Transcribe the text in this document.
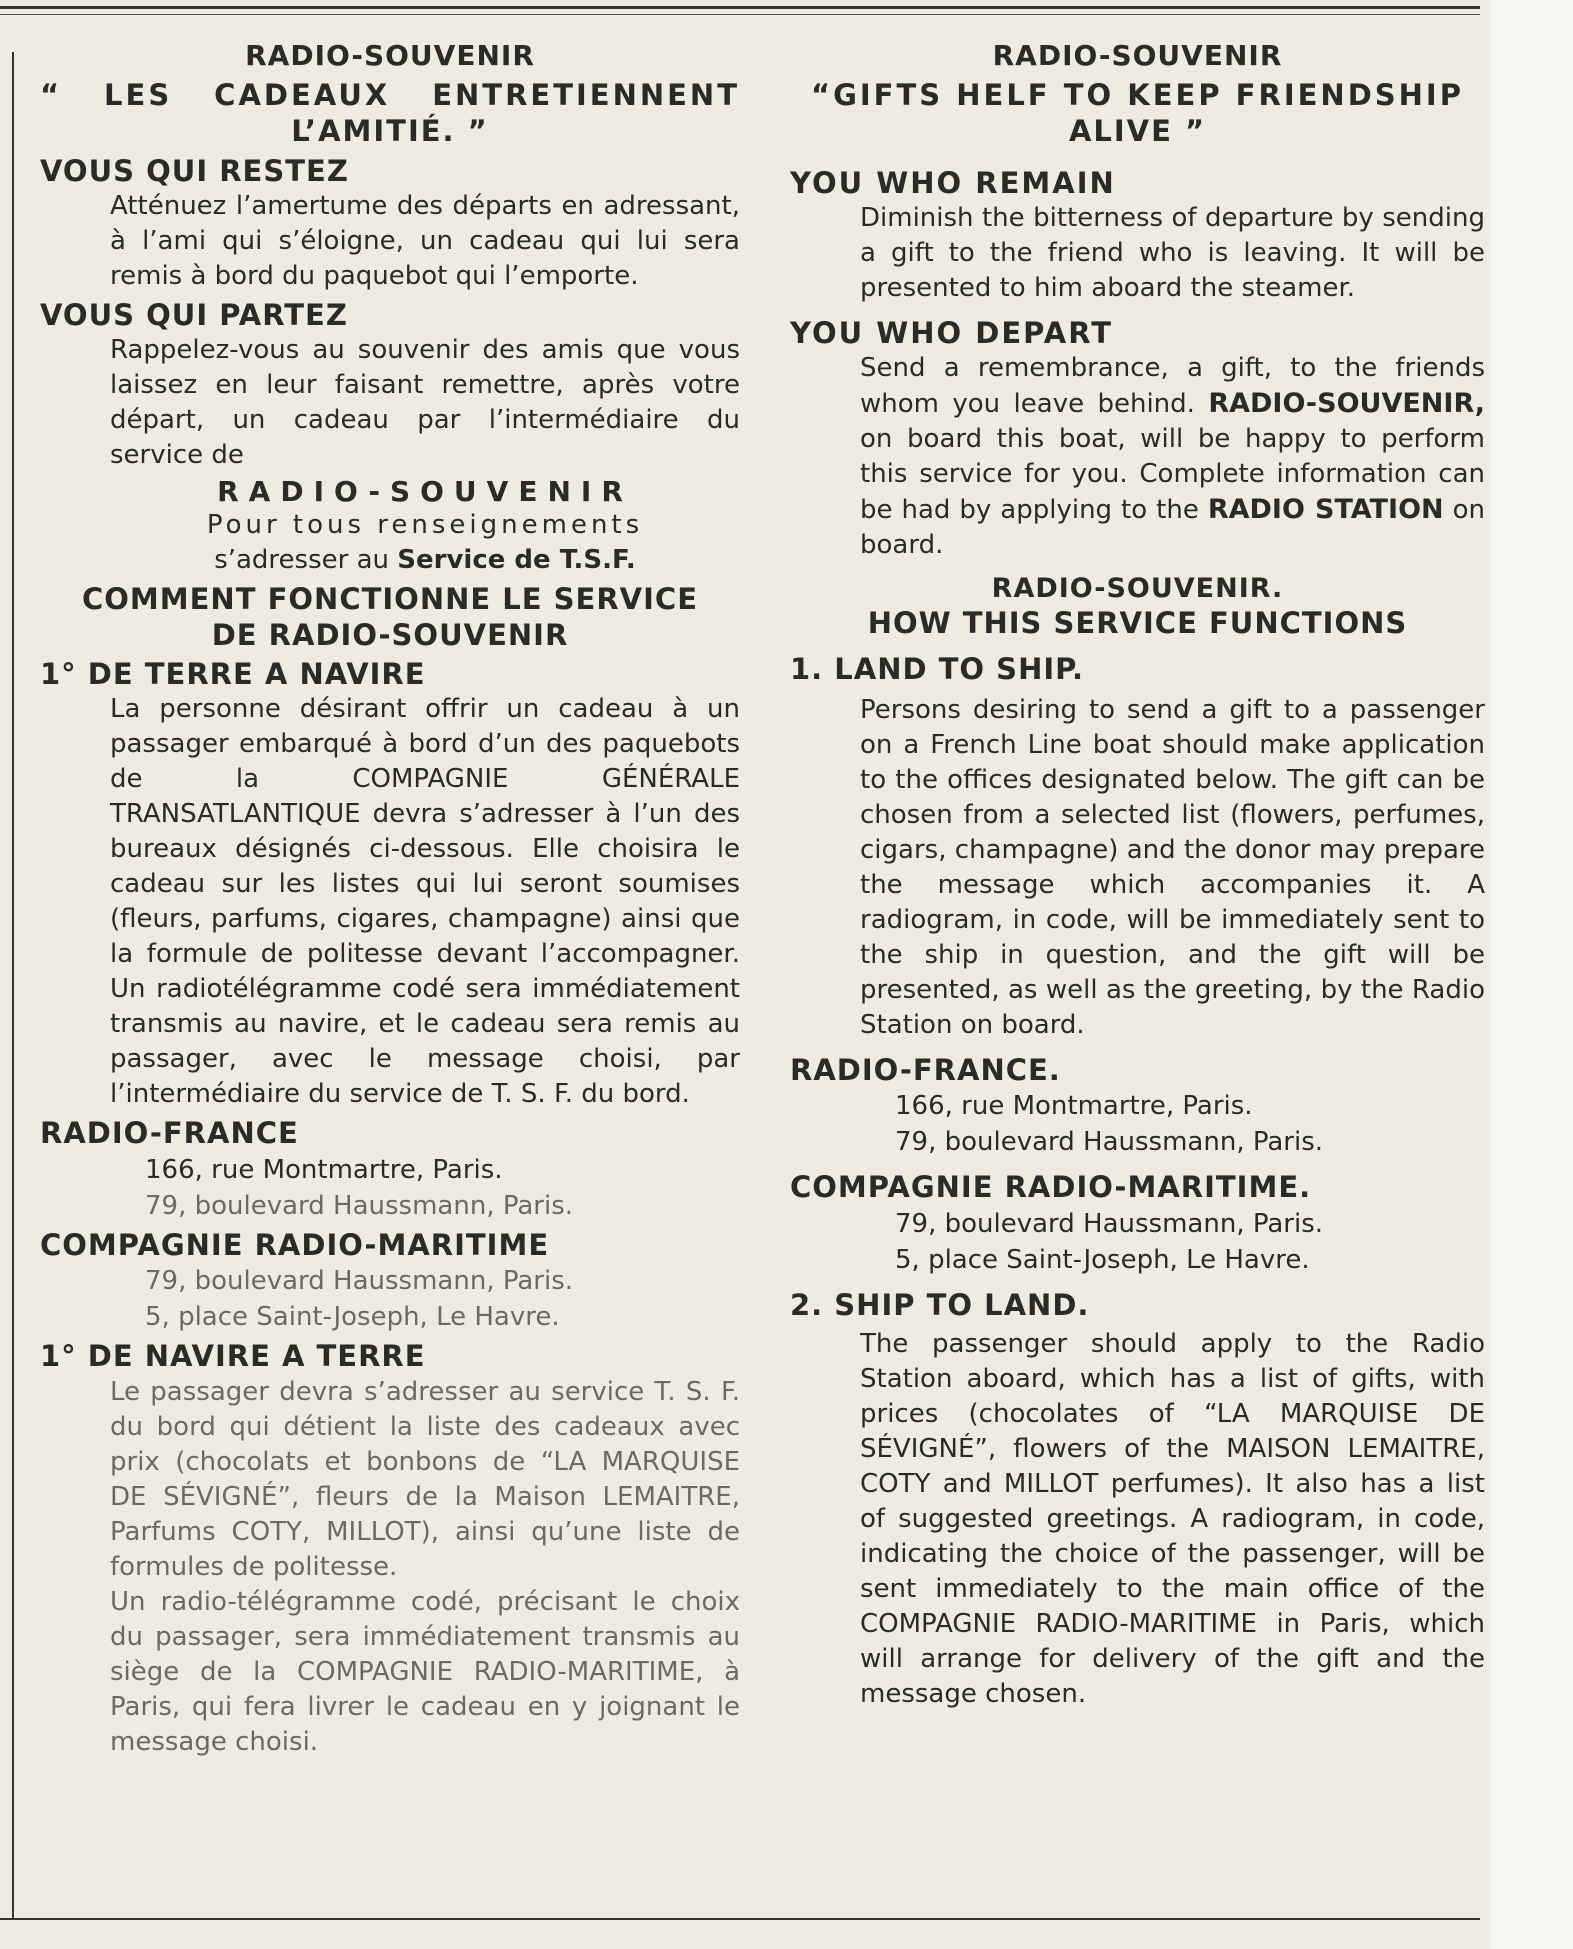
RADIO-SOUVENIR
“ LES CADEAUX ENTRETIENNENT
L’AMITIÉ. ”
VOUS QUI RESTEZ
Atténuez l’amertume des départs en adressant, à l’ami qui s’éloigne, un cadeau qui lui sera remis à bord du paquebot qui l’emporte.
VOUS QUI PARTEZ
Rappelez-vous au souvenir des amis que vous laissez en leur faisant remettre, après votre départ, un cadeau par l’intermédiaire du service de
RADIO-SOUVENIR
Pour tous renseignements
s’adresser au Service de T.S.F.
COMMENT FONCTIONNE LE SERVICE
DE RADIO-SOUVENIR
1° DE TERRE A NAVIRE
La personne désirant offrir un cadeau à un passager embarqué à bord d’un des paquebots de la COMPAGNIE GÉNÉRALE TRANSATLANTIQUE devra s’adresser à l’un des bureaux désignés ci-dessous. Elle choisira le cadeau sur les listes qui lui seront soumises (fleurs, parfums, cigares, champagne) ainsi que la formule de politesse devant l’accompagner. Un radiotélégramme codé sera immédiatement transmis au navire, et le cadeau sera remis au passager, avec le message choisi, par l’intermédiaire du service de T. S. F. du bord.
RADIO-FRANCE
166, rue Montmartre, Paris.
79, boulevard Haussmann, Paris.
COMPAGNIE RADIO-MARITIME
79, boulevard Haussmann, Paris.
5, place Saint-Joseph, Le Havre.
1° DE NAVIRE A TERRE
Le passager devra s’adresser au service T. S. F. du bord qui détient la liste des cadeaux avec prix (chocolats et bonbons de “LA MARQUISE DE SÉVIGNÉ”, fleurs de la Maison LEMAITRE, Parfums COTY, MILLOT), ainsi qu’une liste de formules de politesse.
Un radio-télégramme codé, précisant le choix du passager, sera immédiatement transmis au siège de la COMPAGNIE RADIO-MARITIME, à Paris, qui fera livrer le cadeau en y joignant le message choisi.
RADIO-SOUVENIR
“GIFTS HELF TO KEEP FRIENDSHIP
ALIVE ”
YOU WHO REMAIN
Diminish the bitterness of departure by sending a gift to the friend who is leaving. It will be presented to him aboard the steamer.
YOU WHO DEPART
Send a remembrance, a gift, to the friends whom you leave behind. RADIO-SOUVENIR, on board this boat, will be happy to perform this service for you. Complete information can be had by applying to the RADIO STATION on board.
RADIO-SOUVENIR.
HOW THIS SERVICE FUNCTIONS
1. LAND TO SHIP.
Persons desiring to send a gift to a passenger on a French Line boat should make application to the offices designated below. The gift can be chosen from a selected list (flowers, perfumes, cigars, champagne) and the donor may prepare the message which accompanies it. A radiogram, in code, will be immediately sent to the ship in question, and the gift will be presented, as well as the greeting, by the Radio Station on board.
RADIO-FRANCE.
166, rue Montmartre, Paris.
79, boulevard Haussmann, Paris.
COMPAGNIE RADIO-MARITIME.
79, boulevard Haussmann, Paris.
5, place Saint-Joseph, Le Havre.
2. SHIP TO LAND.
The passenger should apply to the Radio Station aboard, which has a list of gifts, with prices (chocolates of “LA MARQUISE DE SÉVIGNÉ”, flowers of the MAISON LEMAITRE, COTY and MILLOT perfumes). It also has a list of suggested greetings. A radiogram, in code, indicating the choice of the passenger, will be sent immediately to the main office of the COMPAGNIE RADIO-MARITIME in Paris, which will arrange for delivery of the gift and the message chosen.
